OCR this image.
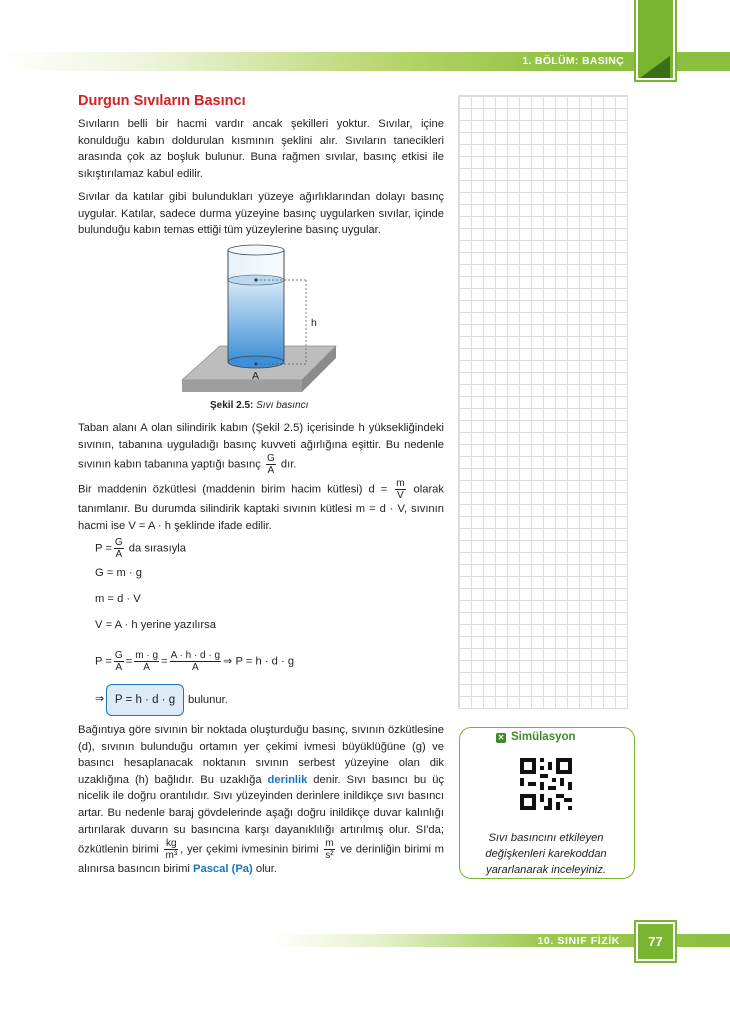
1. BÖLÜM: BASINÇ
Durgun Sıvıların Basıncı
Sıvıların belli bir hacmi vardır ancak şekilleri yoktur. Sıvılar, içine konulduğu kabın doldurulan kısmının şeklini alır. Sıvıların tanecikleri arasında çok az boşluk bulunur. Buna rağmen sıvılar, basınç etkisi ile sıkıştırılamaz kabul edilir.
Sıvılar da katılar gibi bulundukları yüzeye ağırlıklarından dolayı basınç uygular. Katılar, sadece durma yüzeyine basınç uygularken sıvılar, içinde bulunduğu kabın temas ettiği tüm yüzeylerine basınç uygular.
h
A
Şekil 2.5: Sıvı basıncı
Taban alanı A olan silindirik kabın (Şekil 2.5) içerisinde h yüksekliğindeki sıvının, tabanına uyguladığı basınç kuvveti ağırlığına eşittir. Bu nedenle sıvının kabın tabanına yaptığı basınç $\frac{G}{A}$ dır.
Bir maddenin özkütlesi (maddenin birim hacim kütlesi) $d = \frac{m}{V}$ olarak tanımlanır. Bu durumda silindirik kaptaki sıvının kütlesi m = d · V, sıvının hacmi ise V = A · h şeklinde ifade edilir.
$P = \frac{G}{A}$ da sırasıyla
G = m · g
m = d · V
V = A · h yerine yazılırsa
$P = \frac{G}{A} = \frac{m \cdot g}{A} = \frac{A \cdot h \cdot d \cdot g}{A}$ ⇒ P = h · d · g
⇒ P = h · d · g	bulunur.
Bağıntıya göre sıvının bir noktada oluşturduğu basınç, sıvının özkütlesine (d), sıvının bulunduğu ortamın yer çekimi ivmesi büyüklüğüne (g) ve basıncı hesaplanacak noktanın sıvının serbest yüzeyine olan dik uzaklığına (h) bağlıdır. Bu uzaklığa derinlik denir. Sıvı basıncı bu üç nicelik ile doğru orantılıdır. Sıvı yüzeyinden derinlere inildikçe sıvı basıncı artar. Bu nedenle baraj gövdelerinde aşağı doğru inildikçe duvar kalınlığı artırılarak duvarın su basıncına karşı dayanıklılığı artırılmış olur. SI'da; özkütlenin birimi $\frac{kg}{\text{m³}}$ , yer çekimi ivmesinin birimi $\frac{m}{\text{s²}}$ ve derinliğin birimi m alınırsa basıncın birimi Pascal (Pa) olur.
✕ Simülasyon
Sıvı basıncını etkileyen değişkenleri karekoddan yararlanarak inceleyiniz.
10. SINIF FİZİK	77
